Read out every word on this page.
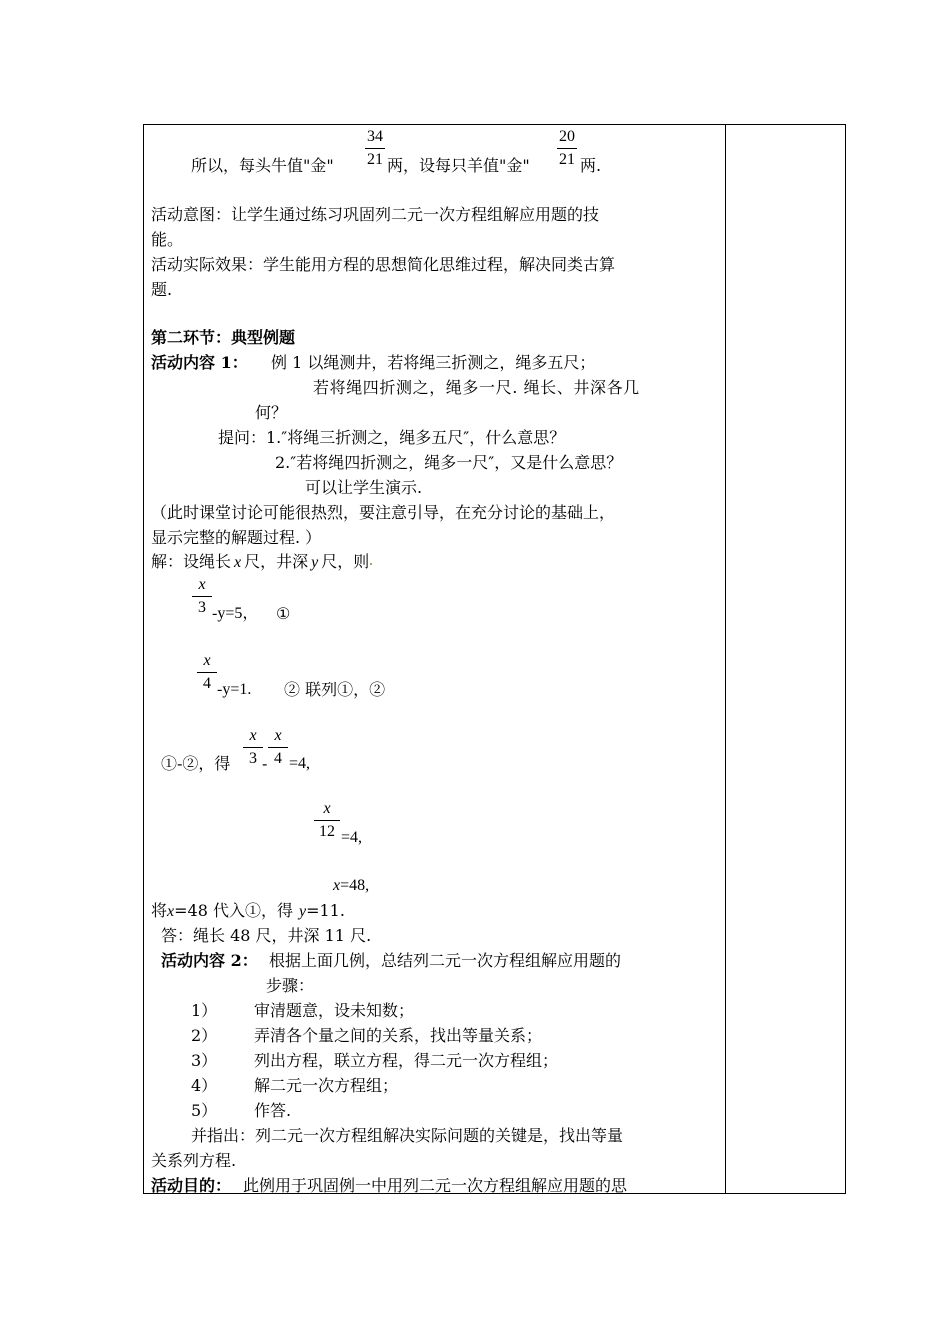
所以，每头牛值"金"
34
21 两，设每只羊值"金"
20
21 两.
活动意图：让学生通过练习巩固列二元一次方程组解应用题的技
能。
活动实际效果：学生能用方程的思想简化思维过程，解决同类古算
题.
第二环节：典型例题
活动内容 1： 例 1 以绳测井，若将绳三折测之，绳多五尺；
若将绳四折测之，绳多一尺. 绳长、井深各几
何？
提问：1.″将绳三折测之，绳多五尺″，什么意思？
2.″若将绳四折测之，绳多一尺″，又是什么意思？
可以让学生演示.
（此时课堂讨论可能很热烈，要注意引导，在充分讨论的基础上，
显示完整的解题过程. ）
解：设绳长 x 尺，井深 y 尺，则
x
3 -y=5， ①
x
4 -y=1. ② 联列①，②
①-②，得
x
3 -
x
4 =4,
x
12 =4,
x=48,
将x=48 代入①，得 y=11.
答：绳长 48 尺，井深 11 尺.
活动内容 2： 根据上面几例，总结列二元一次方程组解应用题的
步骤：
1） 审清题意，设未知数；
2） 弄清各个量之间的关系，找出等量关系；
3） 列出方程，联立方程，得二元一次方程组；
4） 解二元一次方程组；
5） 作答.
并指出：列二元一次方程组解决实际问题的关键是，找出等量
关系列方程.
活动目的： 此例用于巩固例一中用列二元一次方程组解应用题的思
